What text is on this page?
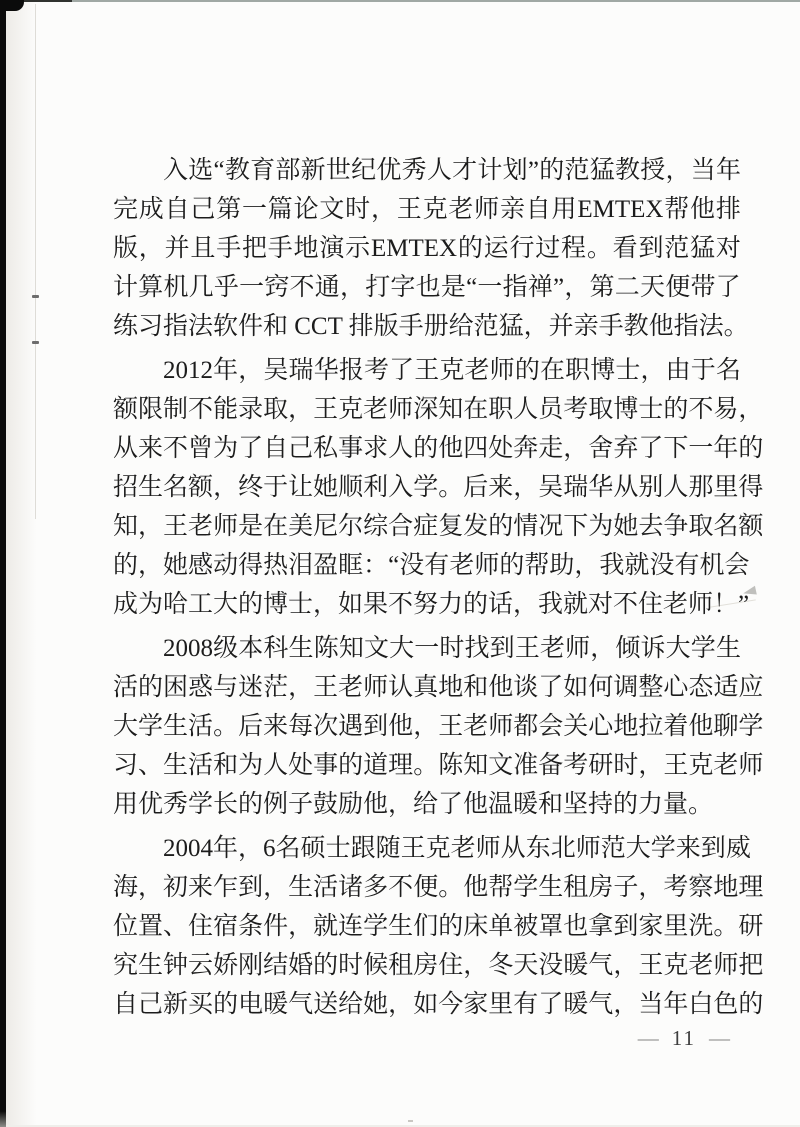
入 选 “ 教 育 部 新 世 纪 优 秀 人 才 计 划 ” 的 范 猛 教 授 ， 当 年
完 成 自 己 第 一 篇 论 文 时 ， 王 克 老 师 亲 自 用 EMTEX 帮 他 排
版 ， 并 且 手 把 手 地 演 示 EMTEX 的 运 行 过 程 。 看 到 范 猛 对
计 算 机 几 乎 一 窍 不 通 ， 打 字 也 是 “ 一 指 禅 ” ， 第 二 天 便 带 了
练习指法软件和 CCT 排版手册给范猛，并亲手教他指法。
2012 年 ， 吴 瑞 华 报 考 了 王 克 老 师 的 在 职 博 士 ， 由 于 名
额 限 制 不 能 录 取 ， 王 克 老 师 深 知 在 职 人 员 考 取 博 士 的 不 易 ，
从 来 不 曾 为 了 自 己 私 事 求 人 的 他 四 处 奔 走 ， 舍 弃 了 下 一 年 的
招 生 名 额 ， 终 于 让 她 顺 利 入 学 。 后 来 ， 吴 瑞 华 从 别 人 那 里 得
知 ， 王 老 师 是 在 美 尼 尔 综 合 症 复 发 的 情 况 下 为 她 去 争 取 名 额
的 ， 她 感 动 得 热 泪 盈 眶 ： “ 没 有 老 师 的 帮 助 ， 我 就 没 有 机 会
成为哈工大的博士，如果不努力的话，我就对不住老师！”
2008 级 本 科 生 陈 知 文 大 一 时 找 到 王 老 师 ， 倾 诉 大 学 生
活 的 困 惑 与 迷 茫 ， 王 老 师 认 真 地 和 他 谈 了 如 何 调 整 心 态 适 应
大 学 生 活 。 后 来 每 次 遇 到 他 ， 王 老 师 都 会 关 心 地 拉 着 他 聊 学
习 、 生 活 和 为 人 处 事 的 道 理 。 陈 知 文 准 备 考 研 时 ， 王 克 老 师
用优秀学长的例子鼓励他，给了他温暖和坚持的力量。
2004 年 ， 6 名 硕 士 跟 随 王 克 老 师 从 东 北 师 范 大 学 来 到 威
海 ， 初 来 乍 到 ， 生 活 诸 多 不 便 。 他 帮 学 生 租 房 子 ， 考 察 地 理
位 置 、 住 宿 条 件 ， 就 连 学 生 们 的 床 单 被 罩 也 拿 到 家 里 洗 。 研
究 生 钟 云 娇 刚 结 婚 的 时 候 租 房 住 ， 冬 天 没 暖 气 ， 王 克 老 师 把
自 己 新 买 的 电 暖 气 送 给 她 ， 如 今 家 里 有 了 暖 气 ， 当 年 白 色 的
— 11 —
